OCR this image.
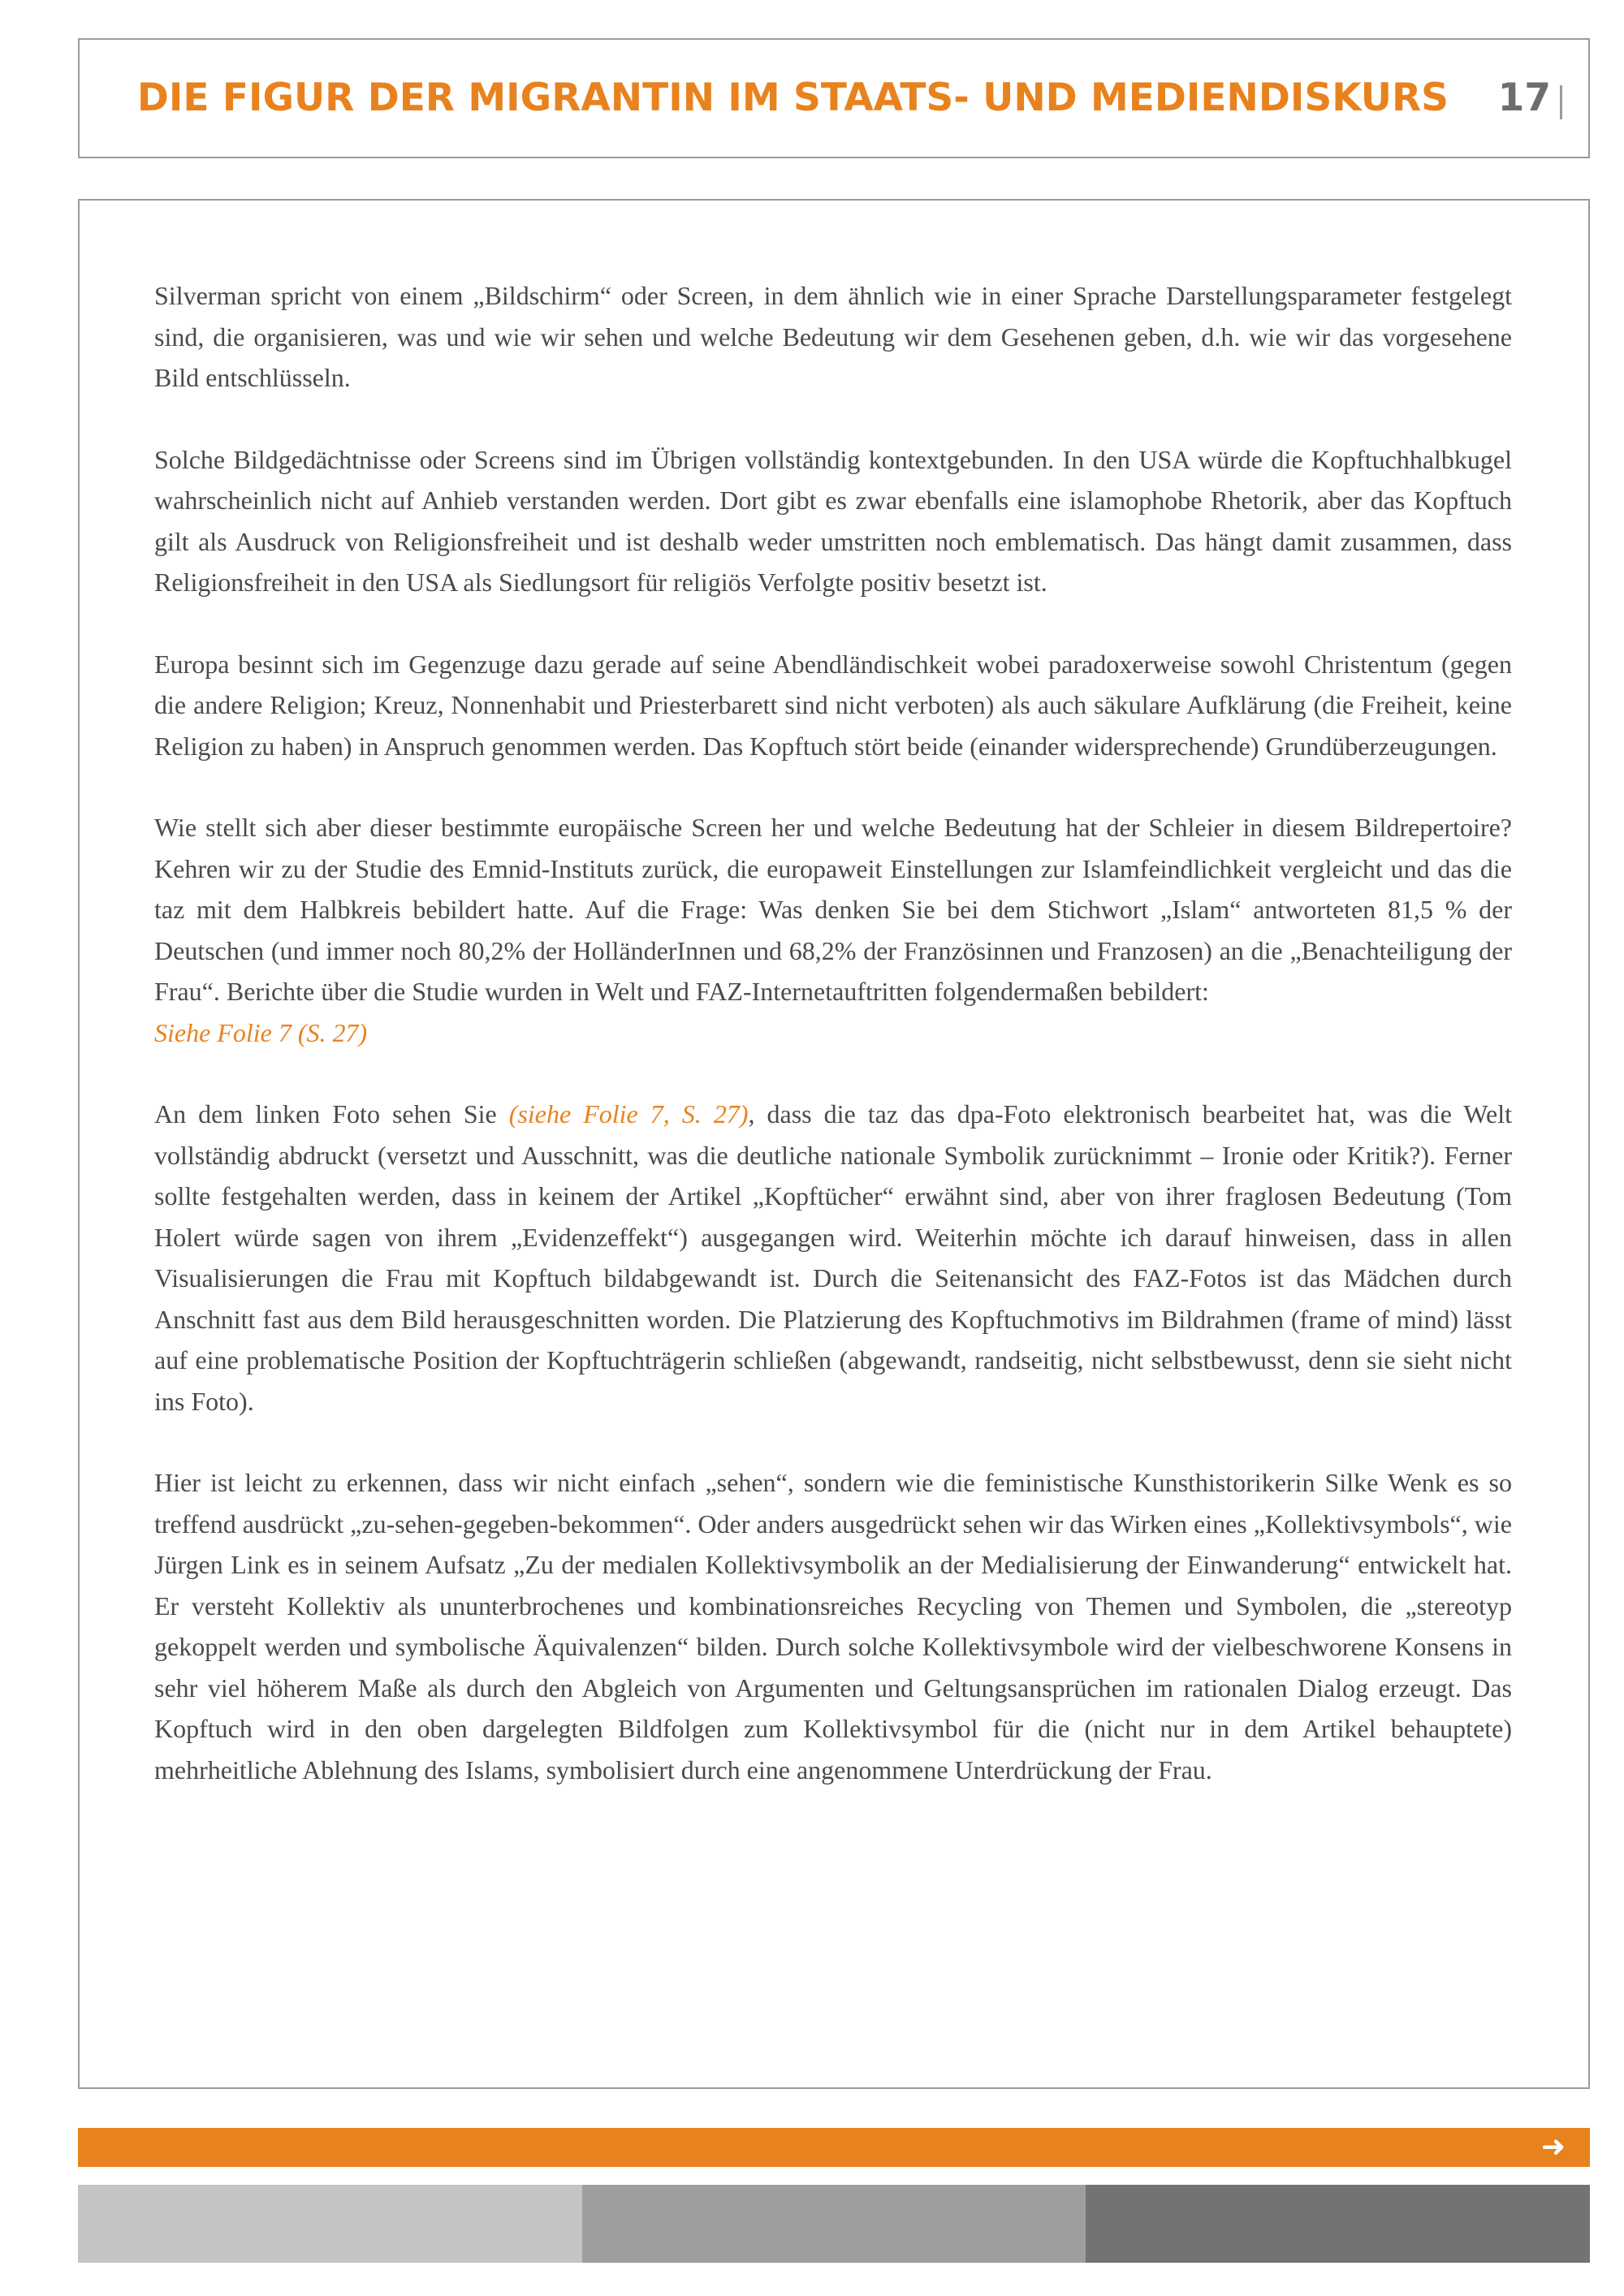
DIE FIGUR DER MIGRANTIN IM STAATS- UND MEDIENDISKURS 17

Silverman spricht von einem „Bildschirm“ oder Screen, in dem ähnlich wie in einer Sprache Darstellungsparameter festgelegt sind, die organisieren, was und wie wir sehen und welche Bedeutung wir dem Gesehenen geben, d.h. wie wir das vorgesehene Bild entschlüsseln.

Solche Bildgedächtnisse oder Screens sind im Übrigen vollständig kontextgebunden. In den USA würde die Kopftuchhalbkugel wahrscheinlich nicht auf Anhieb verstanden werden. Dort gibt es zwar ebenfalls eine islamophobe Rhetorik, aber das Kopftuch gilt als Ausdruck von Religionsfreiheit und ist deshalb weder umstritten noch emblematisch. Das hängt damit zusammen, dass Religionsfreiheit in den USA als Siedlungsort für religiös Verfolgte positiv besetzt ist.

Europa besinnt sich im Gegenzuge dazu gerade auf seine Abendländischkeit wobei paradoxerweise sowohl Christentum (gegen die andere Religion; Kreuz, Nonnenhabit und Priesterbarett sind nicht verboten) als auch säkulare Aufklärung (die Freiheit, keine Religion zu haben) in Anspruch genommen werden. Das Kopftuch stört beide (einander widersprechende) Grundüberzeugungen.

Wie stellt sich aber dieser bestimmte europäische Screen her und welche Bedeutung hat der Schleier in diesem Bildrepertoire? Kehren wir zu der Studie des Emnid-Instituts zurück, die europaweit Einstellungen zur Islamfeindlichkeit vergleicht und das die taz mit dem Halbkreis bebildert hatte. Auf die Frage: Was denken Sie bei dem Stichwort „Islam“ antworteten 81,5 % der Deutschen (und immer noch 80,2% der HolländerInnen und 68,2% der Französinnen und Franzosen) an die „Benachteiligung der Frau“. Berichte über die Studie wurden in Welt und FAZ-Internetauftritten folgendermaßen bebildert:
Siehe Folie 7 (S. 27)

An dem linken Foto sehen Sie (siehe Folie 7, S. 27), dass die taz das dpa-Foto elektronisch bearbeitet hat, was die Welt vollständig abdruckt (versetzt und Ausschnitt, was die deutliche nationale Symbolik zurücknimmt – Ironie oder Kritik?). Ferner sollte festgehalten werden, dass in keinem der Artikel „Kopftücher“ erwähnt sind, aber von ihrer fraglosen Bedeutung (Tom Holert würde sagen von ihrem „Evidenzeffekt“) ausgegangen wird. Weiterhin möchte ich darauf hinweisen, dass in allen Visualisierungen die Frau mit Kopftuch bildabgewandt ist. Durch die Seitenansicht des FAZ-Fotos ist das Mädchen durch Anschnitt fast aus dem Bild herausgeschnitten worden. Die Platzierung des Kopftuchmotivs im Bildrahmen (frame of mind) lässt auf eine problematische Position der Kopftuchträgerin schließen (abgewandt, randseitig, nicht selbstbewusst, denn sie sieht nicht ins Foto).

Hier ist leicht zu erkennen, dass wir nicht einfach „sehen“, sondern wie die feministische Kunsthistorikerin Silke Wenk es so treffend ausdrückt „zu-sehen-gegeben-bekommen“. Oder anders ausgedrückt sehen wir das Wirken eines „Kollektivsymbols“, wie Jürgen Link es in seinem Aufsatz „Zu der medialen Kollektivsymbolik an der Medialisierung der Einwanderung“ entwickelt hat. Er versteht Kollektiv als ununterbrochenes und kombinationsreiches Recycling von Themen und Symbolen, die „stereotyp gekoppelt werden und symbolische Äquivalenzen“ bilden. Durch solche Kollektivsymbole wird der vielbeschworene Konsens in sehr viel höherem Maße als durch den Abgleich von Argumenten und Geltungsansprüchen im rationalen Dialog erzeugt. Das Kopftuch wird in den oben dargelegten Bildfolgen zum Kollektivsymbol für die (nicht nur in dem Artikel behauptete) mehrheitliche Ablehnung des Islams, symbolisiert durch eine angenommene Unterdrückung der Frau.

➜
